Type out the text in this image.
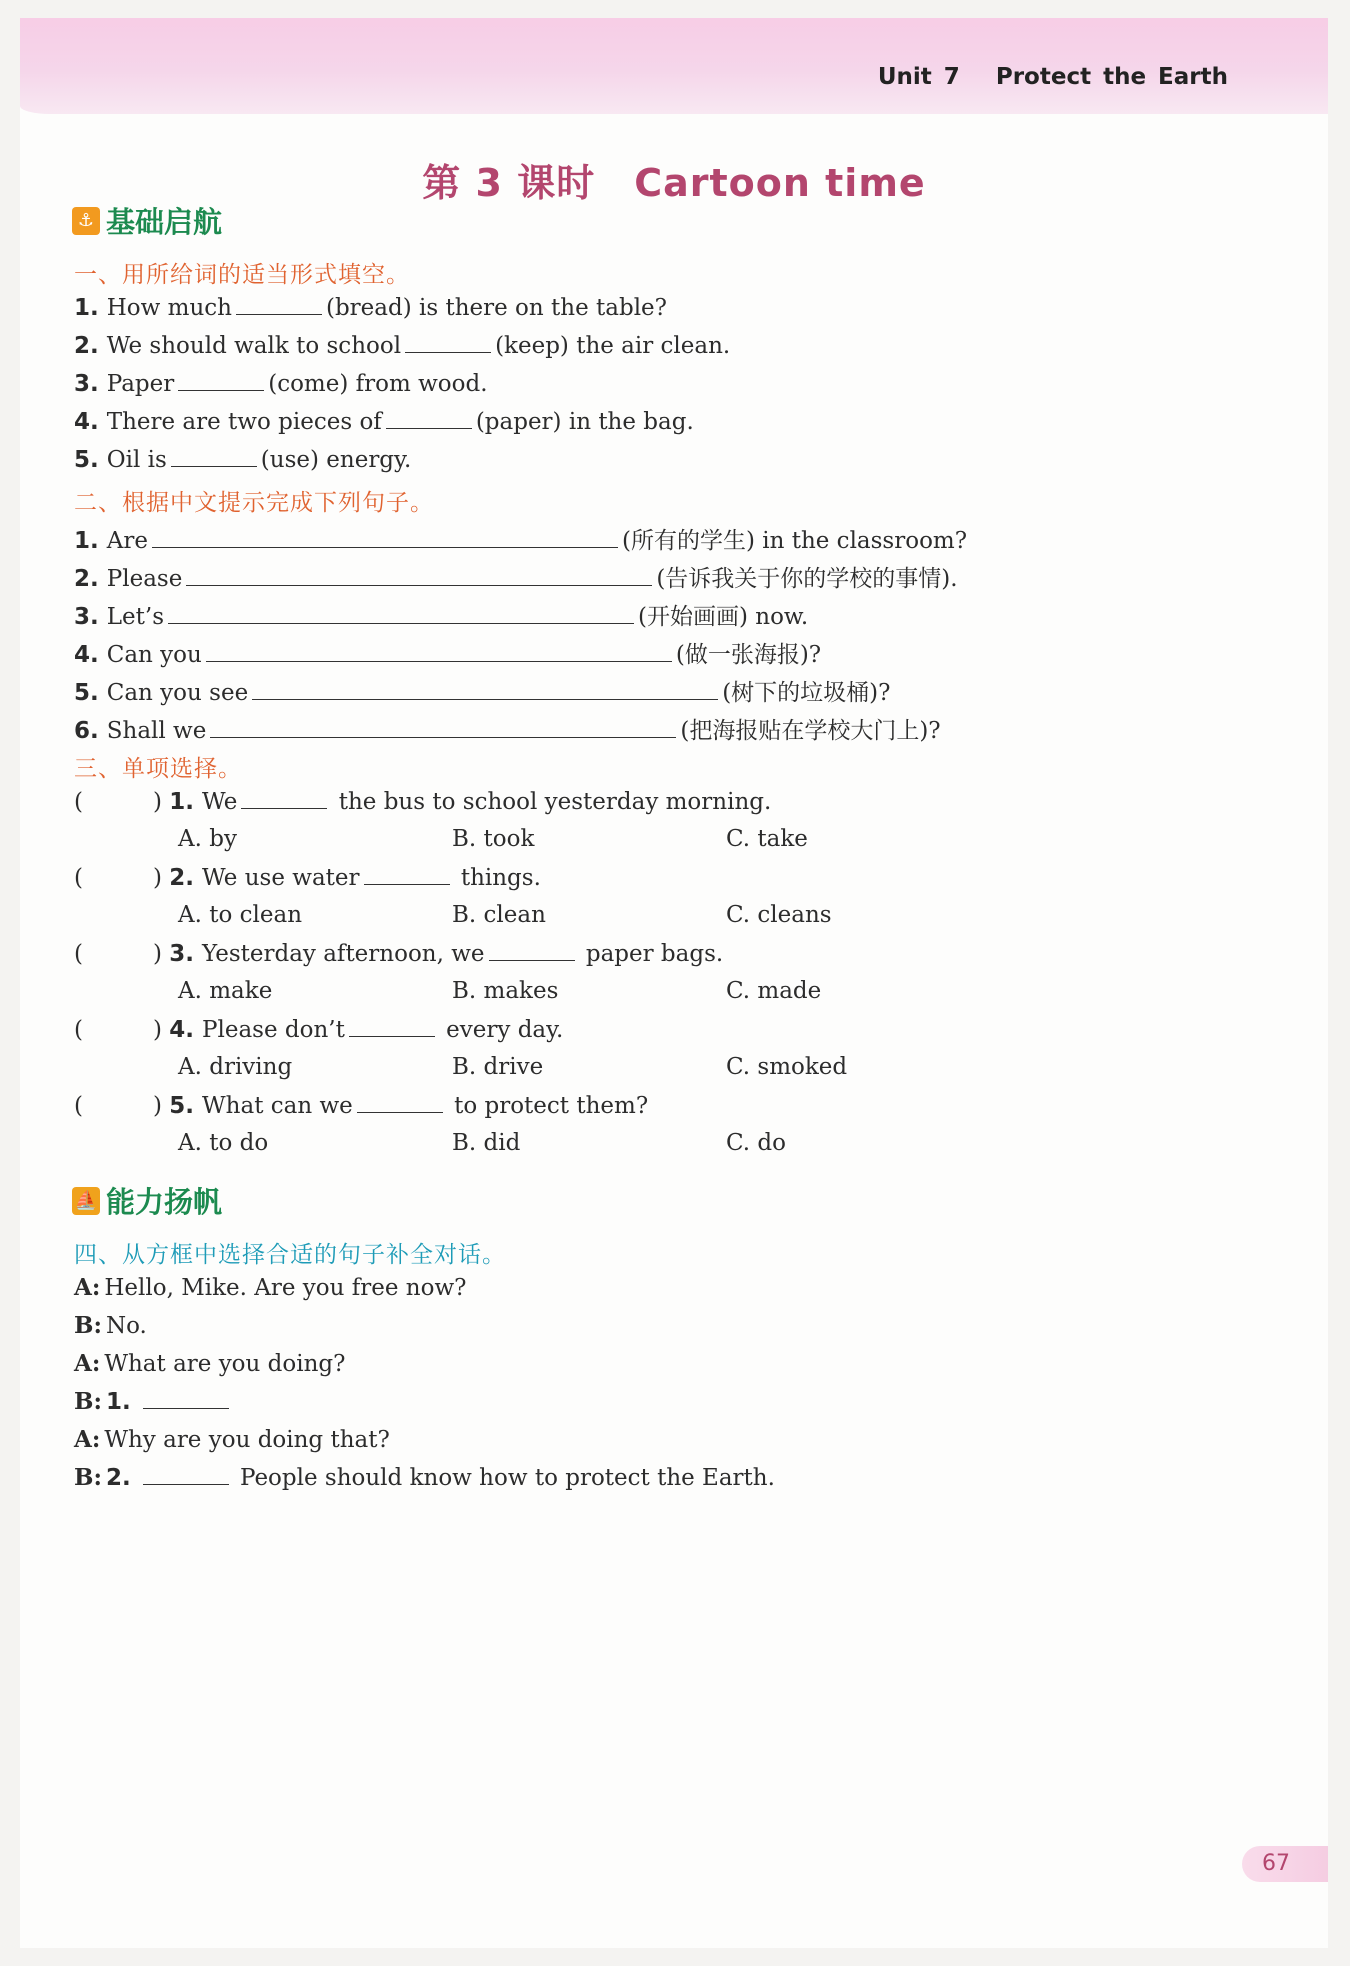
Unit 7 Protect the Earth
第 3 课时　Cartoon time
⚓ 基础启航
一、用所给词的适当形式填空。
1. How much	(bread) is there on the table?
2. We should walk to school	(keep) the air clean.
3. Paper	(come) from wood.
4. There are two pieces of	(paper) in the bag.
5. Oil is	(use) energy.
二、根据中文提示完成下列句子。
1. Are	(所有的学生) in the classroom?
2. Please	(告诉我关于你的学校的事情).
3. Let’s	(开始画画) now.
4. Can you	(做一张海报)?
5. Can you see	(树下的垃圾桶)?
6. Shall we	(把海报贴在学校大门上)?
三、单项选择。
(	) 1. We	the bus to school yesterday morning.
A. by	B. took	C. take
(	) 2. We use water	things.
A. to clean	B. clean	C. cleans
(	) 3. Yesterday afternoon, we	paper bags.
A. make	B. makes	C. made
(	) 4. Please don’t	every day.
A. driving	B. drive	C. smoked
(	) 5. What can we	to protect them?
A. to do	B. did	C. do
⛵ 能力扬帆
四、从方框中选择合适的句子补全对话。
A: Hello, Mike. Are you free now?
B: No.
A: What are you doing?
B: 1.
A: Why are you doing that?
B: 2.	People should know how to protect the Earth.
67
